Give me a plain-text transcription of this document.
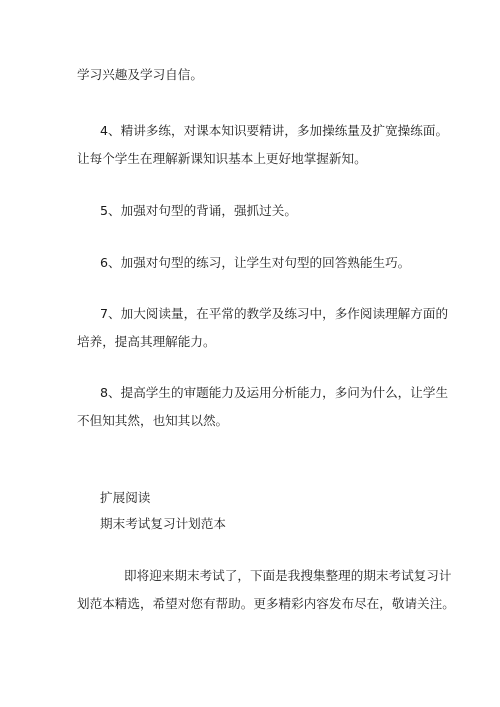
学习兴趣及学习自信。
4、精讲多练，对课本知识要精讲，多加操练量及扩宽操练面。
让每个学生在理解新课知识基本上更好地掌握新知。
5、加强对句型的背诵，强抓过关。
6、加强对句型的练习，让学生对句型的回答熟能生巧。
7、加大阅读量，在平常的教学及练习中，多作阅读理解方面的
培养，提高其理解能力。
8、提高学生的审题能力及运用分析能力，多问为什么，让学生
不但知其然，也知其以然。
扩展阅读
期末考试复习计划范本
即将迎来期末考试了，下面是我搜集整理的期末考试复习计
划范本精选，希望对您有帮助。更多精彩内容发布尽在，敬请关注。
